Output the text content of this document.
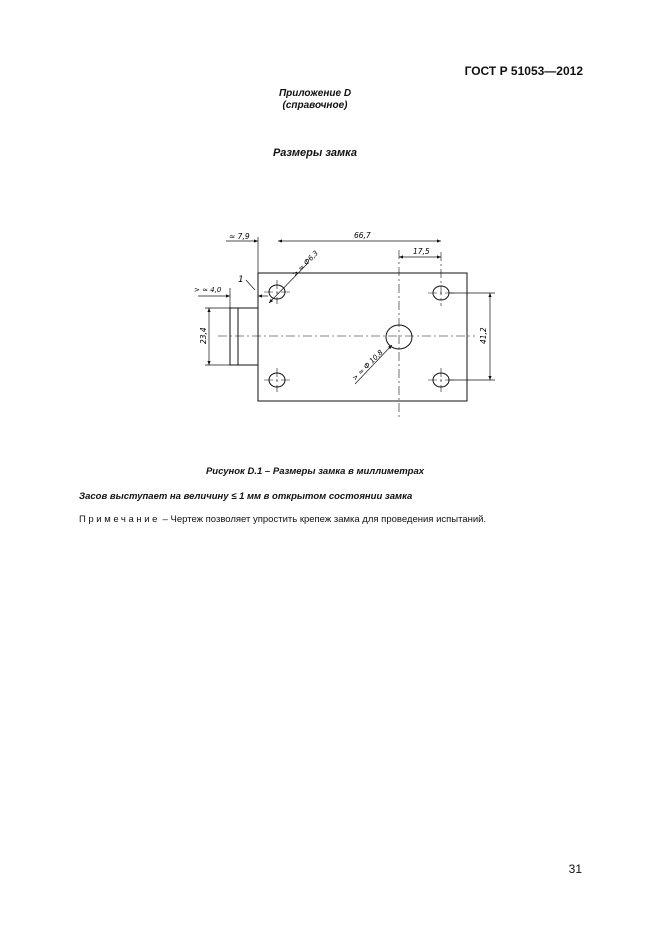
ГОСТ Р 51053—2012
Приложение D
(справочное)
Размеры замка
≈ 7,9	66,7
17,5
1
> ≈ 4,0
23,4
> ≈ Ф6,3
> ≈ Ф 10,8
41,2
Рисунок D.1 – Размеры замка в миллиметрах
Засов выступает на величину ≤ 1 мм в открытом состоянии замка
Примечание – Чертеж позволяет упростить крепеж замка для проведения испытаний.
31
